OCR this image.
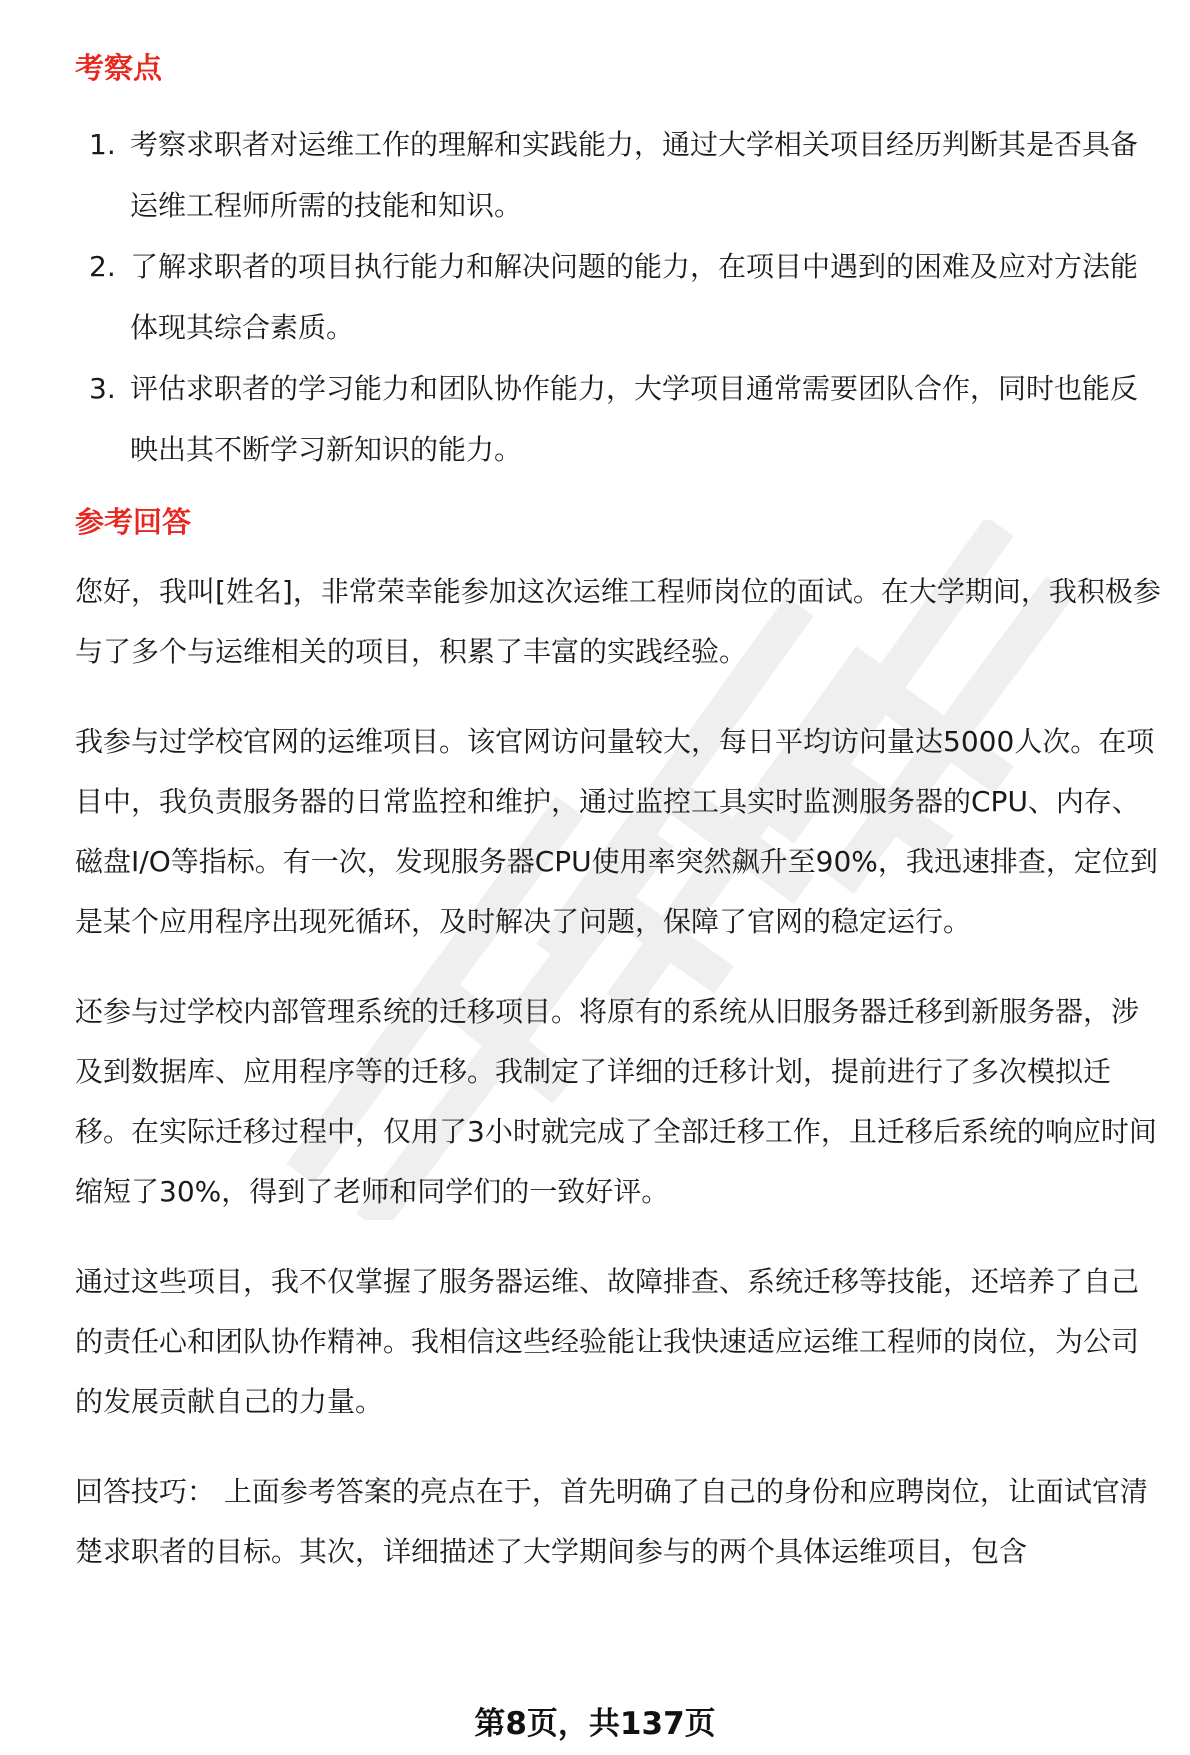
考察点
1. 考察求职者对运维工作的理解和实践能力，通过大学相关项目经历判断其是否具备运维工程师所需的技能和知识。
2. 了解求职者的项目执行能力和解决问题的能力，在项目中遇到的困难及应对方法能体现其综合素质。
3. 评估求职者的学习能力和团队协作能力，大学项目通常需要团队合作，同时也能反映出其不断学习新知识的能力。
参考回答

您好，我叫[姓名]，非常荣幸能参加这次运维工程师岗位的面试。在大学期间，我积极参与了多个与运维相关的项目，积累了丰富的实践经验。

我参与过学校官网的运维项目。该官网访问量较大，每日平均访问量达5000人次。在项目中，我负责服务器的日常监控和维护，通过监控工具实时监测服务器的CPU、内存、磁盘I/O等指标。有一次，发现服务器CPU使用率突然飙升至90%，我迅速排查，定位到是某个应用程序出现死循环，及时解决了问题，保障了官网的稳定运行。

还参与过学校内部管理系统的迁移项目。将原有的系统从旧服务器迁移到新服务器，涉及到数据库、应用程序等的迁移。我制定了详细的迁移计划，提前进行了多次模拟迁移。在实际迁移过程中，仅用了3小时就完成了全部迁移工作，且迁移后系统的响应时间缩短了30%，得到了老师和同学们的一致好评。

通过这些项目，我不仅掌握了服务器运维、故障排查、系统迁移等技能，还培养了自己的责任心和团队协作精神。我相信这些经验能让我快速适应运维工程师的岗位，为公司的发展贡献自己的力量。

回答技巧： 上面参考答案的亮点在于，首先明确了自己的身份和应聘岗位，让面试官清楚求职者的目标。其次，详细描述了大学期间参与的两个具体运维项目，包含

第8页，共137页
